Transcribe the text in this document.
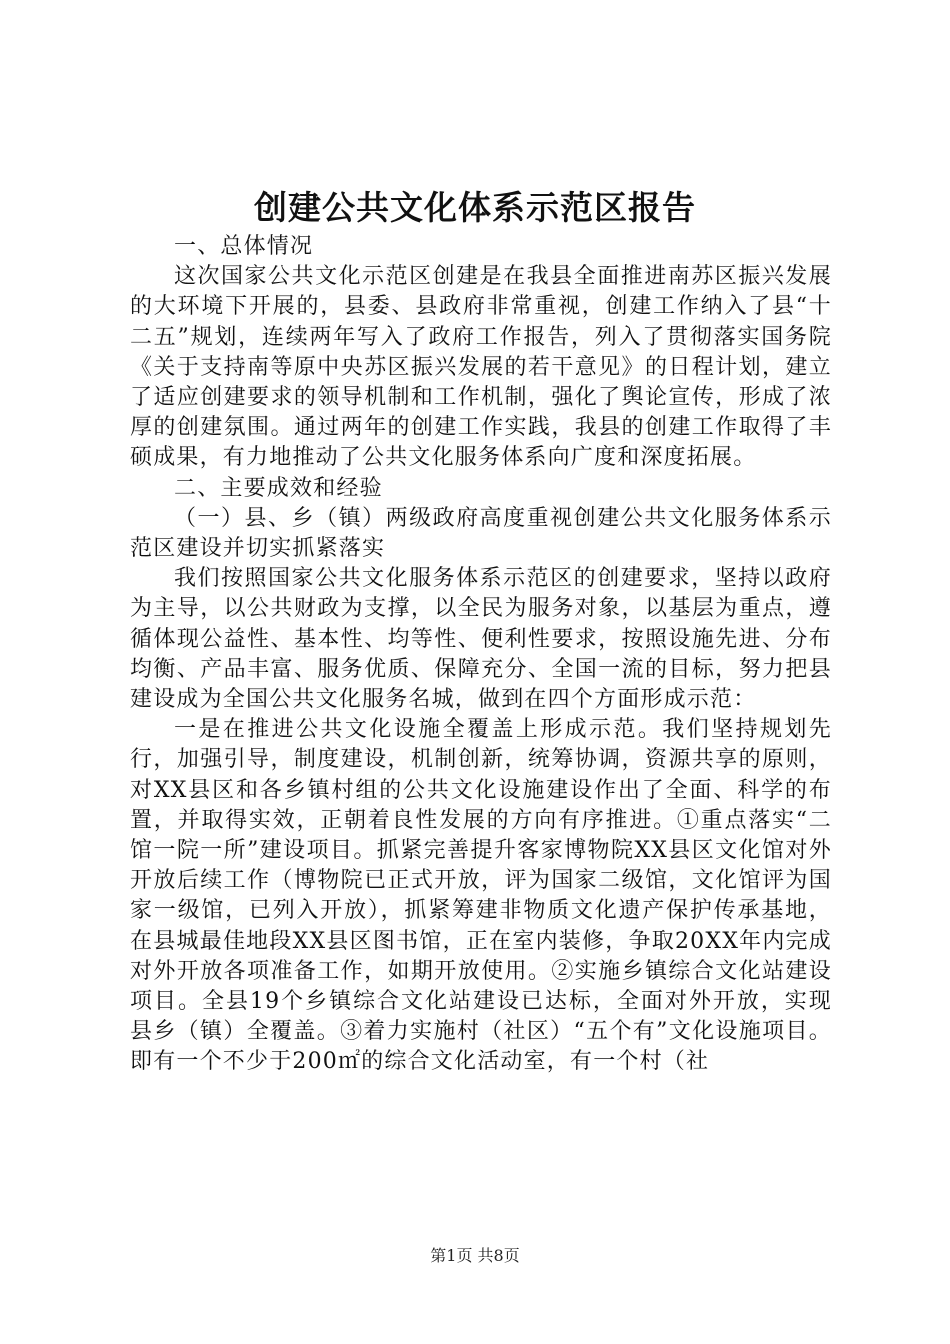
创建公共文化体系示范区报告

一、总体情况

这次国家公共文化示范区创建是在我县全面推进南苏区振兴发展的大环境下开展的，县委、县政府非常重视，创建工作纳入了县“十二五”规划，连续两年写入了政府工作报告，列入了贯彻落实国务院《关于支持南等原中央苏区振兴发展的若干意见》的日程计划，建立了适应创建要求的领导机制和工作机制，强化了舆论宣传，形成了浓厚的创建氛围。通过两年的创建工作实践，我县的创建工作取得了丰硕成果，有力地推动了公共文化服务体系向广度和深度拓展。

二、主要成效和经验

（一）县、乡（镇）两级政府高度重视创建公共文化服务体系示范区建设并切实抓紧落实

我们按照国家公共文化服务体系示范区的创建要求，坚持以政府为主导，以公共财政为支撑，以全民为服务对象，以基层为重点，遵循体现公益性、基本性、均等性、便利性要求，按照设施先进、分布均衡、产品丰富、服务优质、保障充分、全国一流的目标，努力把县建设成为全国公共文化服务名城，做到在四个方面形成示范：

一是在推进公共文化设施全覆盖上形成示范。我们坚持规划先行，加强引导，制度建设，机制创新，统筹协调，资源共享的原则，对XX县区和各乡镇村组的公共文化设施建设作出了全面、科学的布置，并取得实效，正朝着良性发展的方向有序推进。①重点落实“二馆一院一所”建设项目。抓紧完善提升客家博物院XX县区文化馆对外开放后续工作（博物院已正式开放，评为国家二级馆，文化馆评为国家一级馆，已列入开放），抓紧筹建非物质文化遗产保护传承基地，在县城最佳地段XX县区图书馆，正在室内装修，争取20XX年内完成对外开放各项准备工作，如期开放使用。②实施乡镇综合文化站建设项目。全县19个乡镇综合文化站建设已达标，全面对外开放，实现县乡（镇）全覆盖。③着力实施村（社区）“五个有”文化设施项目。即有一个不少于200㎡的综合文化活动室，有一个村（社

第1页 共8页
